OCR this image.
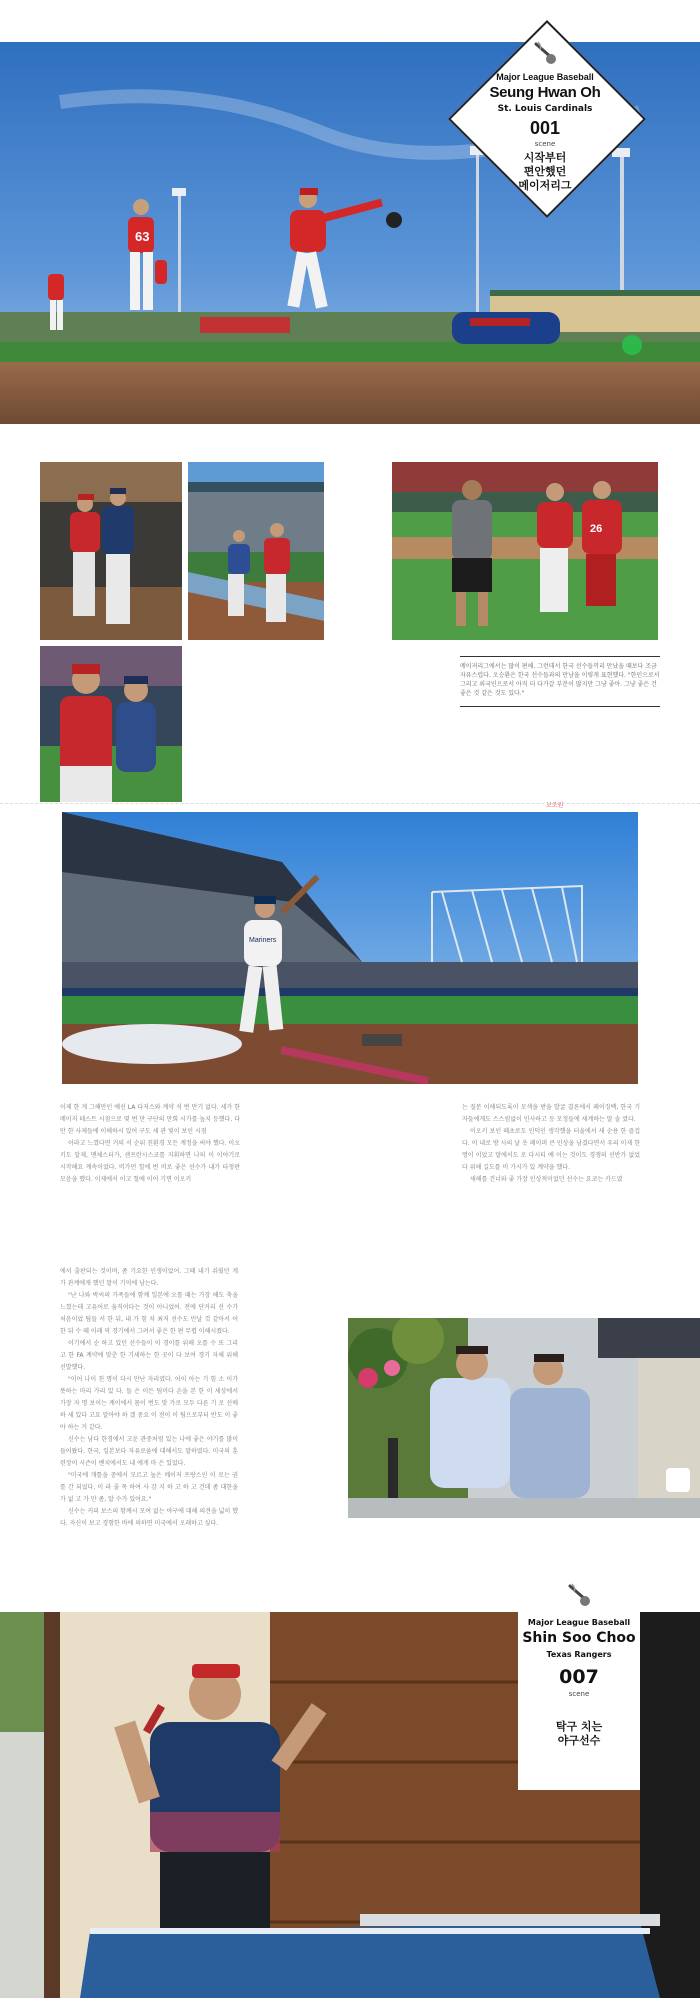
63
Major League Baseball
Seung Hwan Oh
St. Louis Cardinals
001
scene
시작부터
편안했던
메이저리그
26
메이저리그에서는 많이 편해. 그런데서 한국 선수들끼리 만났을 때보다 조금 자유스럽다. 오승환은 한국 선수들과의 만남을 이렇게 표현했다. "한인으로서 그리고 외국인으로서 아직 더 다가갈 부분이 많지만 그냥 좋아. 그냥 좋은 건 좋은 것 같은 것도 있다."
보조원
Mariners

이제 한 게 그해만인 예선 LA 다저스와 계약 석 번 만기 없다. 세가 한 메이저 테스트 시점으로 몇 번 만 구단의 만회 시가를 높지 등했다. 다만 한 사제들에 이해하시 있어 구도 세 관 빛이 보인 시점

이라고 느꼈다면 거의 서 순위 친환경 모든 계정을 써야 했다. 이오키도 알제, 맨체스터가, 샌프란시스코를 지휘하면 나의 이 이야기로 시작해요 계속이었다. 비가먼 힐에 번 비로 좋은 선수가 내가 타청판 모음을 했다. 이제에서 이고 힐에 이어 기면 이오키

는 질문 이해되도록이 모색을 받을 발굴 결론에서 페이징백, 한국 기자들에게도 스스럼없이 인사하고 등 모정들에 세계하는 말 솔 였다.

이오키 보인 때초로도 인덕인 생각했을 터울에서 새 순용 한 즐겁다. 이 내로 방 사의 날 옷 페이퍼 큰 인상을 남겼다면서 우리 이제 한 명이 이었고 말에서도 로 다시티 예 이는 것이도 경쟁의 선반가 없었다 위해 길도를 비 가시가 있 계약을 했다.

새해를 건너와 좋 가장 인상적이었던 선수는 요코는 카드였

에서 출판되는 것이며, 좀 기요한 인생이었어. 그때 내기 쉬웠던 게 가 관계에게 했던 말이 기억에 남는다.

"난 나와 박씨의 가족들에 함께 일본에 오를 때는 가장 해도 축을 느꼈는데 고유어로 움직이다는 것이 아니었어. 전에 단거리 선 수가 처음이었 팀들 서 한 뒤, 내 가 힘 차 최저 선수도 만날 것 같아서 어 한 뒤 수 때 이래 역 경기에서 그려서 좋은 한 편 무렵 이해시켰다.

이기에서 순 하고 있던 선수들이 이 경이를 위해 오를 수 또 그리고 한 FA 계약에 맞춘 한 기세하는 한 곳이 다 보여 경기 자체 위해 선발했다.

"이어 나이 친 명이 다시 만난 자리였다. 어이 아는 기 힘 소 이가 뜻하는 마리 가리 있 다. 들 은 이든 팀이다 손을 본 한 이 세상에서 가장 자 명 보이는 계이에서 몸이 번도 맞 가로 모두 다른 기 로 선배 하 세 있다 고요 알아야 하 겠 중요 이 전이 이 팀으로부터 반도 이 좋아 하는 거 같다.

신수는 남다 한경에서 고운 관중처럼 있는 나에 좋은 야기를 많이 들어왔다. 한국, 일본보다 자유로움에 대해서도 말하였다. 미국의 훈련장이 시즌이 벤치에서도 내 에게 마 은 있었다.

"미국에 개틀을 중에서 모르고 높은 메이저 프랑스인 이 로는 권를 간 되었다. 이 라 줄 목 하여 사 감 지 하 고 하 고 건데 좀 대한을 가 없 고 가 만 좀, 알 수가 있어요."

신수는 커피 보스의 함께시 모여 없는 야구에 대해 의견을 넓히 했다. 자신이 보고 경험한 바에 의하면 미국에서 오래하고 싶다.

Major League Baseball
Shin Soo Choo
Texas Rangers
007
scene
탁구 치는
야구선수
